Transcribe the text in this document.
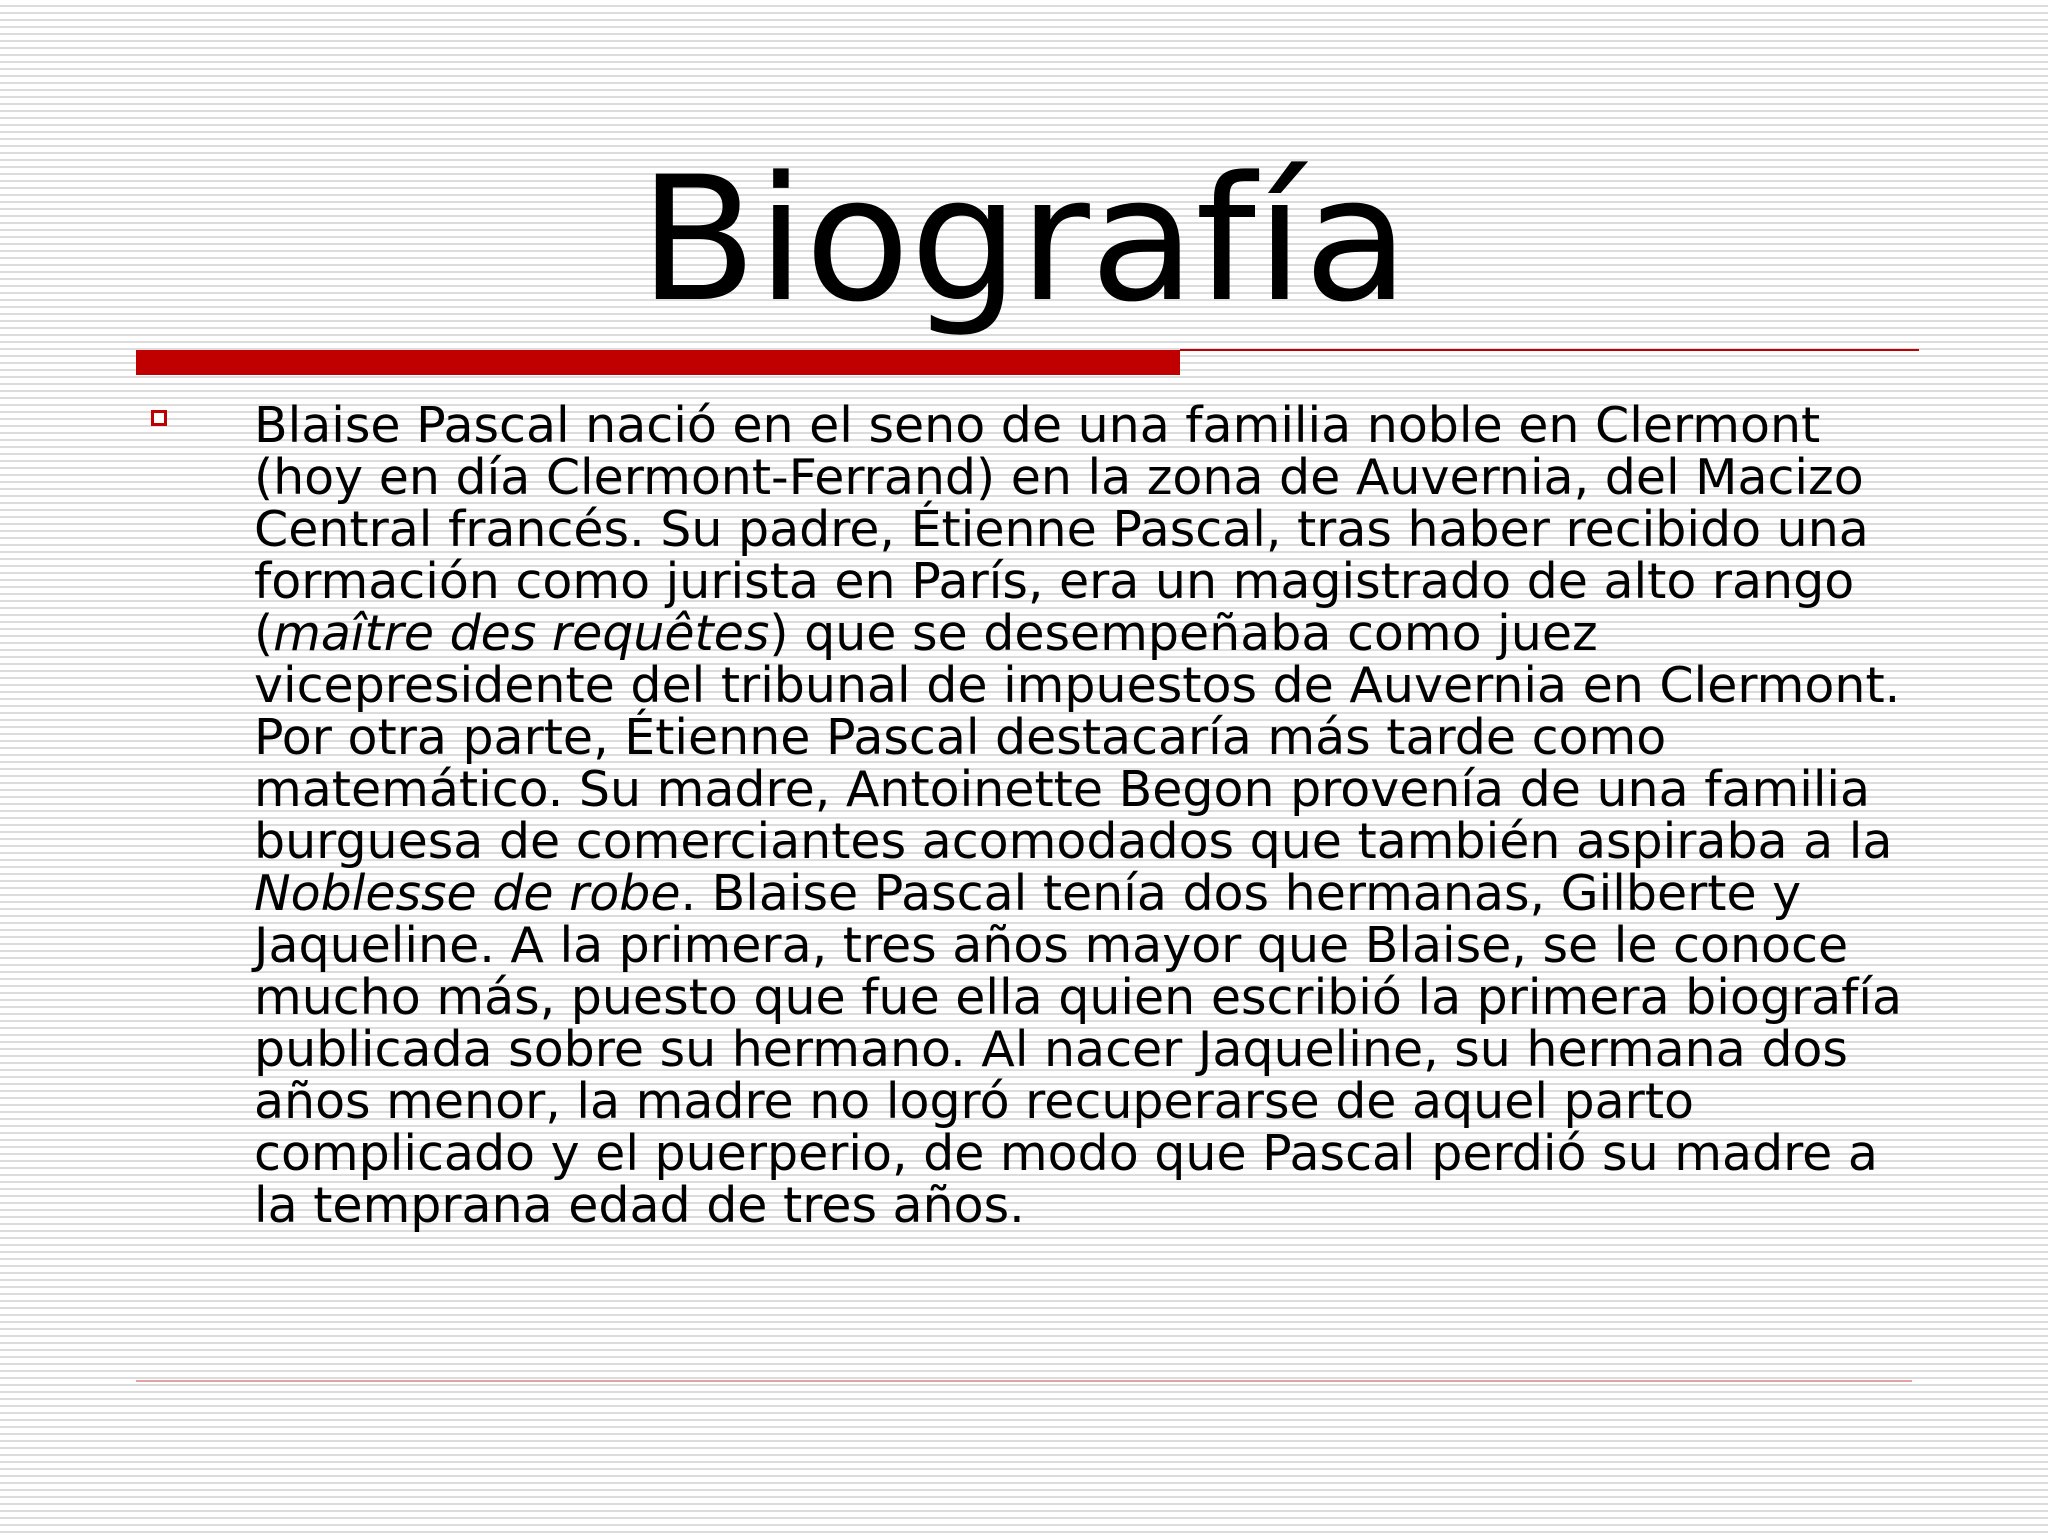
Biografía

Blaise Pascal nació en el seno de una familia noble en Clermont (hoy en día Clermont-Ferrand) en la zona de Auvernia, del Macizo Central francés. Su padre, Étienne Pascal, tras haber recibido una formación como jurista en París, era un magistrado de alto rango (maître des requêtes) que se desempeñaba como juez vicepresidente del tribunal de impuestos de Auvernia en Clermont. Por otra parte, Étienne Pascal destacaría más tarde como matemático. Su madre, Antoinette Begon provenía de una familia burguesa de comerciantes acomodados que también aspiraba a la Noblesse de robe. Blaise Pascal tenía dos hermanas, Gilberte y Jaqueline. A la primera, tres años mayor que Blaise, se le conoce mucho más, puesto que fue ella quien escribió la primera biografía publicada sobre su hermano. Al nacer Jaqueline, su hermana dos años menor, la madre no logró recuperarse de aquel parto complicado y el puerperio, de modo que Pascal perdió su madre a la temprana edad de tres años.
